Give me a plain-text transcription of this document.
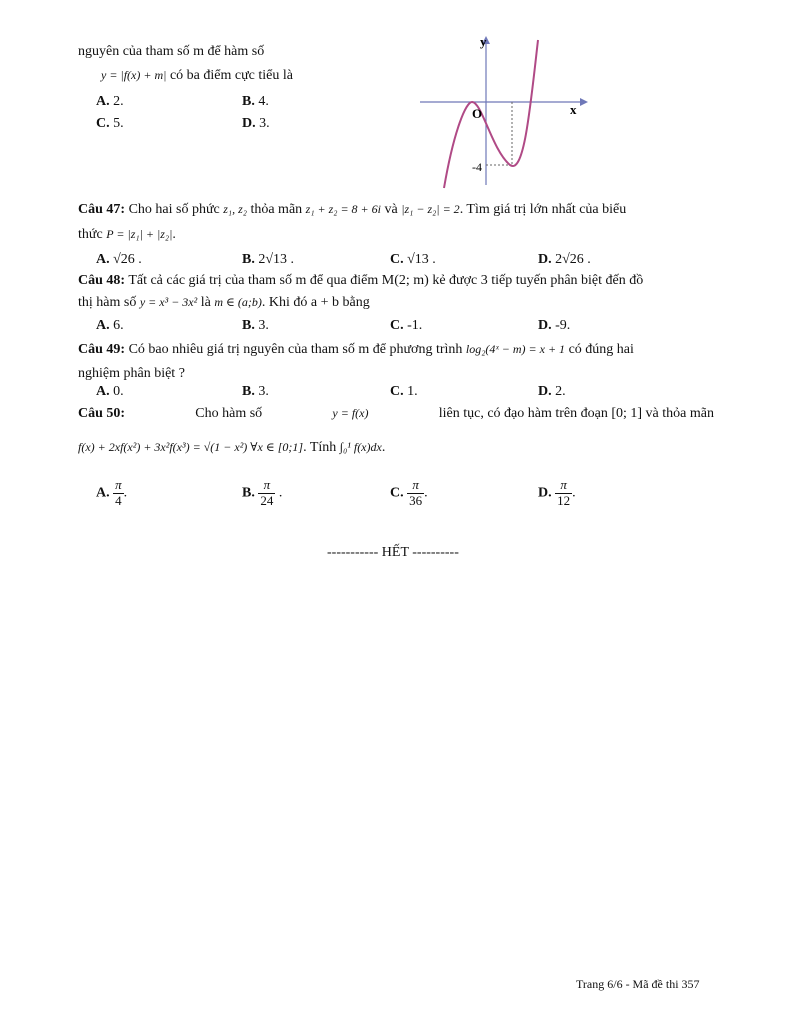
nguyên của tham số m để hàm số
y = |f(x) + m| có ba điểm cực tiểu là
A. 2.	B. 4.
C. 5.	D. 3.
x
y
O
-4
Câu 47: Cho hai số phức z₁, z₂ thỏa mãn z₁ + z₂ = 8 + 6i và |z₁ − z₂| = 2. Tìm giá trị lớn nhất của biểu
thức P = |z₁| + |z₂|.
A. √26 .	B. 2√13 .	C. √13 .	D. 2√26 .
Câu 48: Tất cả các giá trị của tham số m để qua điểm M(2; m) kẻ được 3 tiếp tuyến phân biệt đến đồ
thị hàm số y = x³ − 3x² là m ∈ (a;b). Khi đó a + b bằng
A. 6.	B. 3.	C. -1.	D. -9.
Câu 49: Có bao nhiêu giá trị nguyên của tham số m để phương trình log₂(4ˣ − m) = x + 1 có đúng hai
nghiệm phân biệt ?
A. 0.	B. 3.	C. 1.	D. 2.
Câu 50:	Cho hàm số	y = f(x)	liên tục, có đạo hàm trên đoạn [0; 1] và thỏa mãn
f(x) + 2xf(x²) + 3x²f(x³) = √(1 − x²) ∀x ∈ [0;1]. Tính ∫₀¹ f(x)dx.
A. $\frac{\pi}{4}$ .	B. $\frac{\pi}{24}$ .	C. $\frac{\pi}{36}$ .	D. $\frac{\pi}{12}$ .
----------- HẾT ----------
Trang 6/6 - Mã đề thi 357
